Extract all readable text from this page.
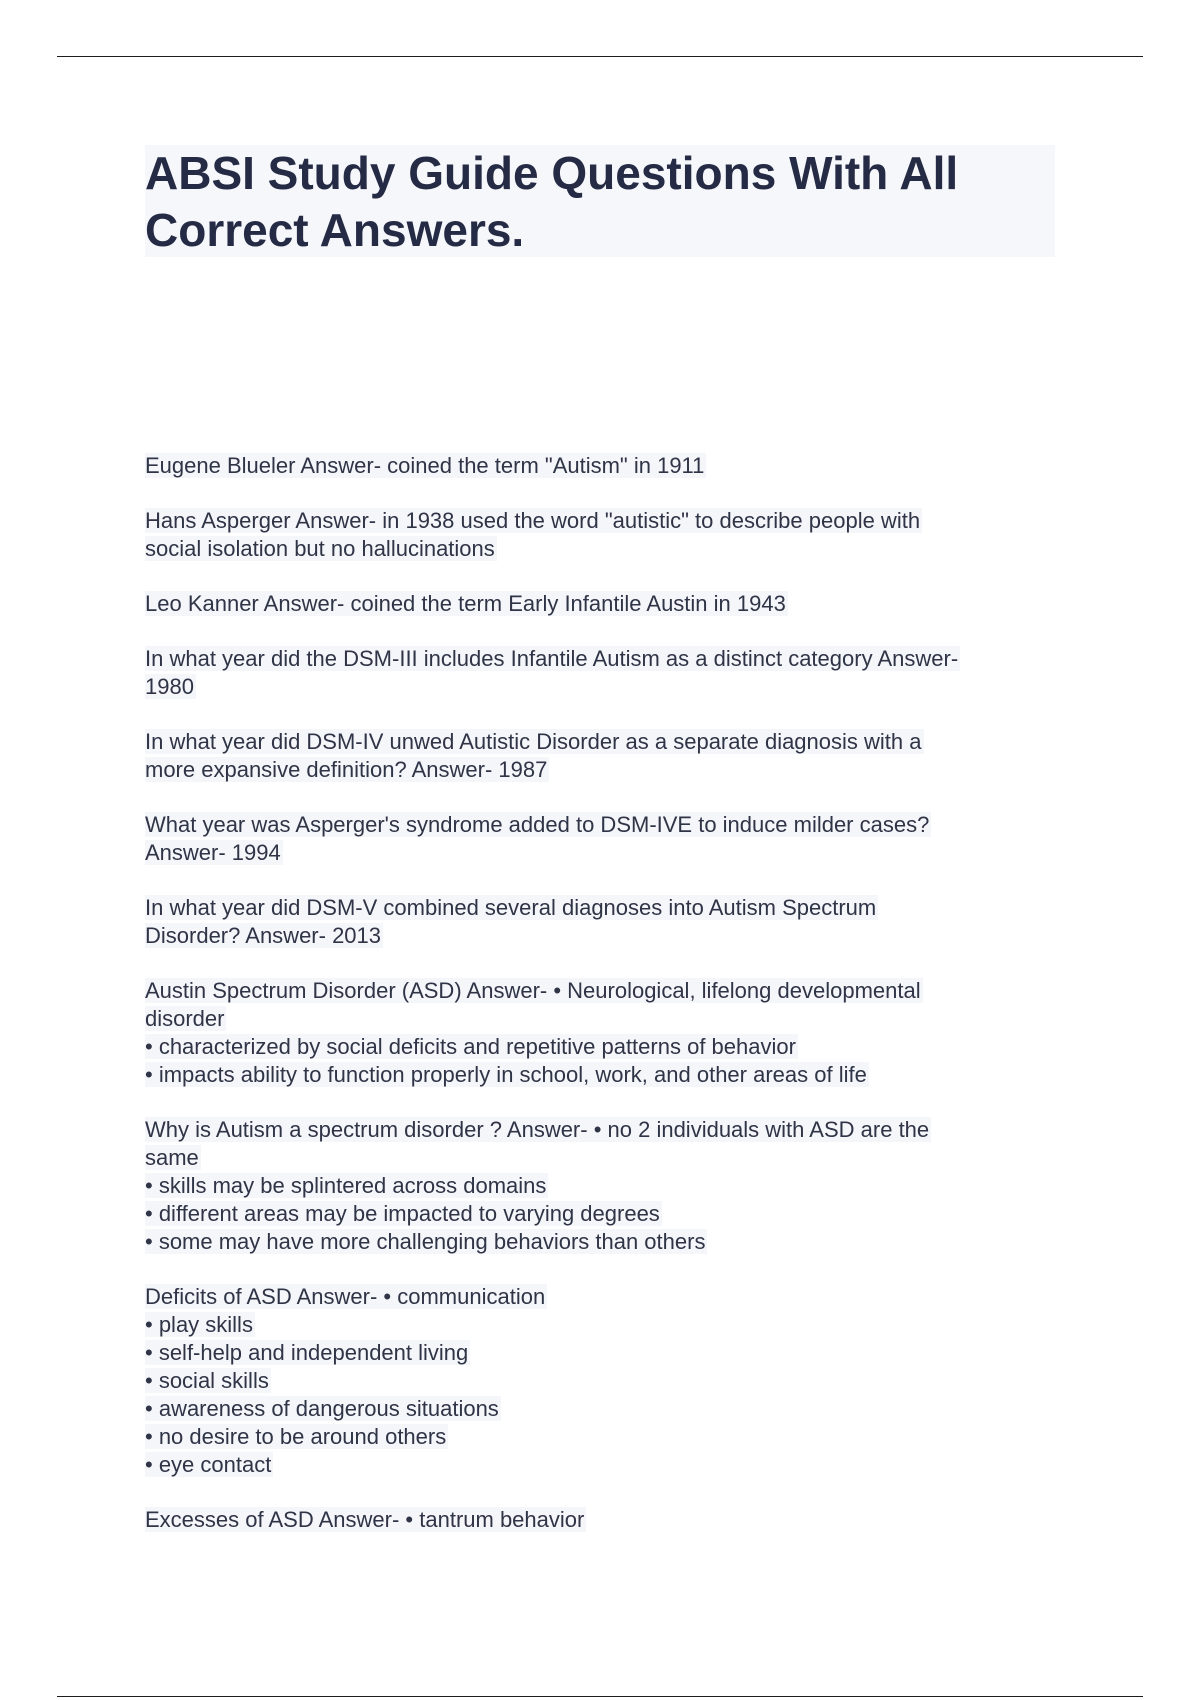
ABSI Study Guide Questions With All
Correct Answers.
Eugene Blueler Answer- coined the term "Autism" in 1911
Hans Asperger Answer- in 1938 used the word "autistic" to describe people with
social isolation but no hallucinations
Leo Kanner Answer- coined the term Early Infantile Austin in 1943
In what year did the DSM-III includes Infantile Autism as a distinct category Answer-
1980
In what year did DSM-IV unwed Autistic Disorder as a separate diagnosis with a
more expansive definition? Answer- 1987
What year was Asperger's syndrome added to DSM-IVE to induce milder cases?
Answer- 1994
In what year did DSM-V combined several diagnoses into Autism Spectrum
Disorder? Answer- 2013
Austin Spectrum Disorder (ASD) Answer- • Neurological, lifelong developmental
disorder
• characterized by social deficits and repetitive patterns of behavior
• impacts ability to function properly in school, work, and other areas of life
Why is Autism a spectrum disorder ? Answer- • no 2 individuals with ASD are the
same
• skills may be splintered across domains
• different areas may be impacted to varying degrees
• some may have more challenging behaviors than others
Deficits of ASD Answer- • communication
• play skills
• self-help and independent living
• social skills
• awareness of dangerous situations
• no desire to be around others
• eye contact
Excesses of ASD Answer- • tantrum behavior
